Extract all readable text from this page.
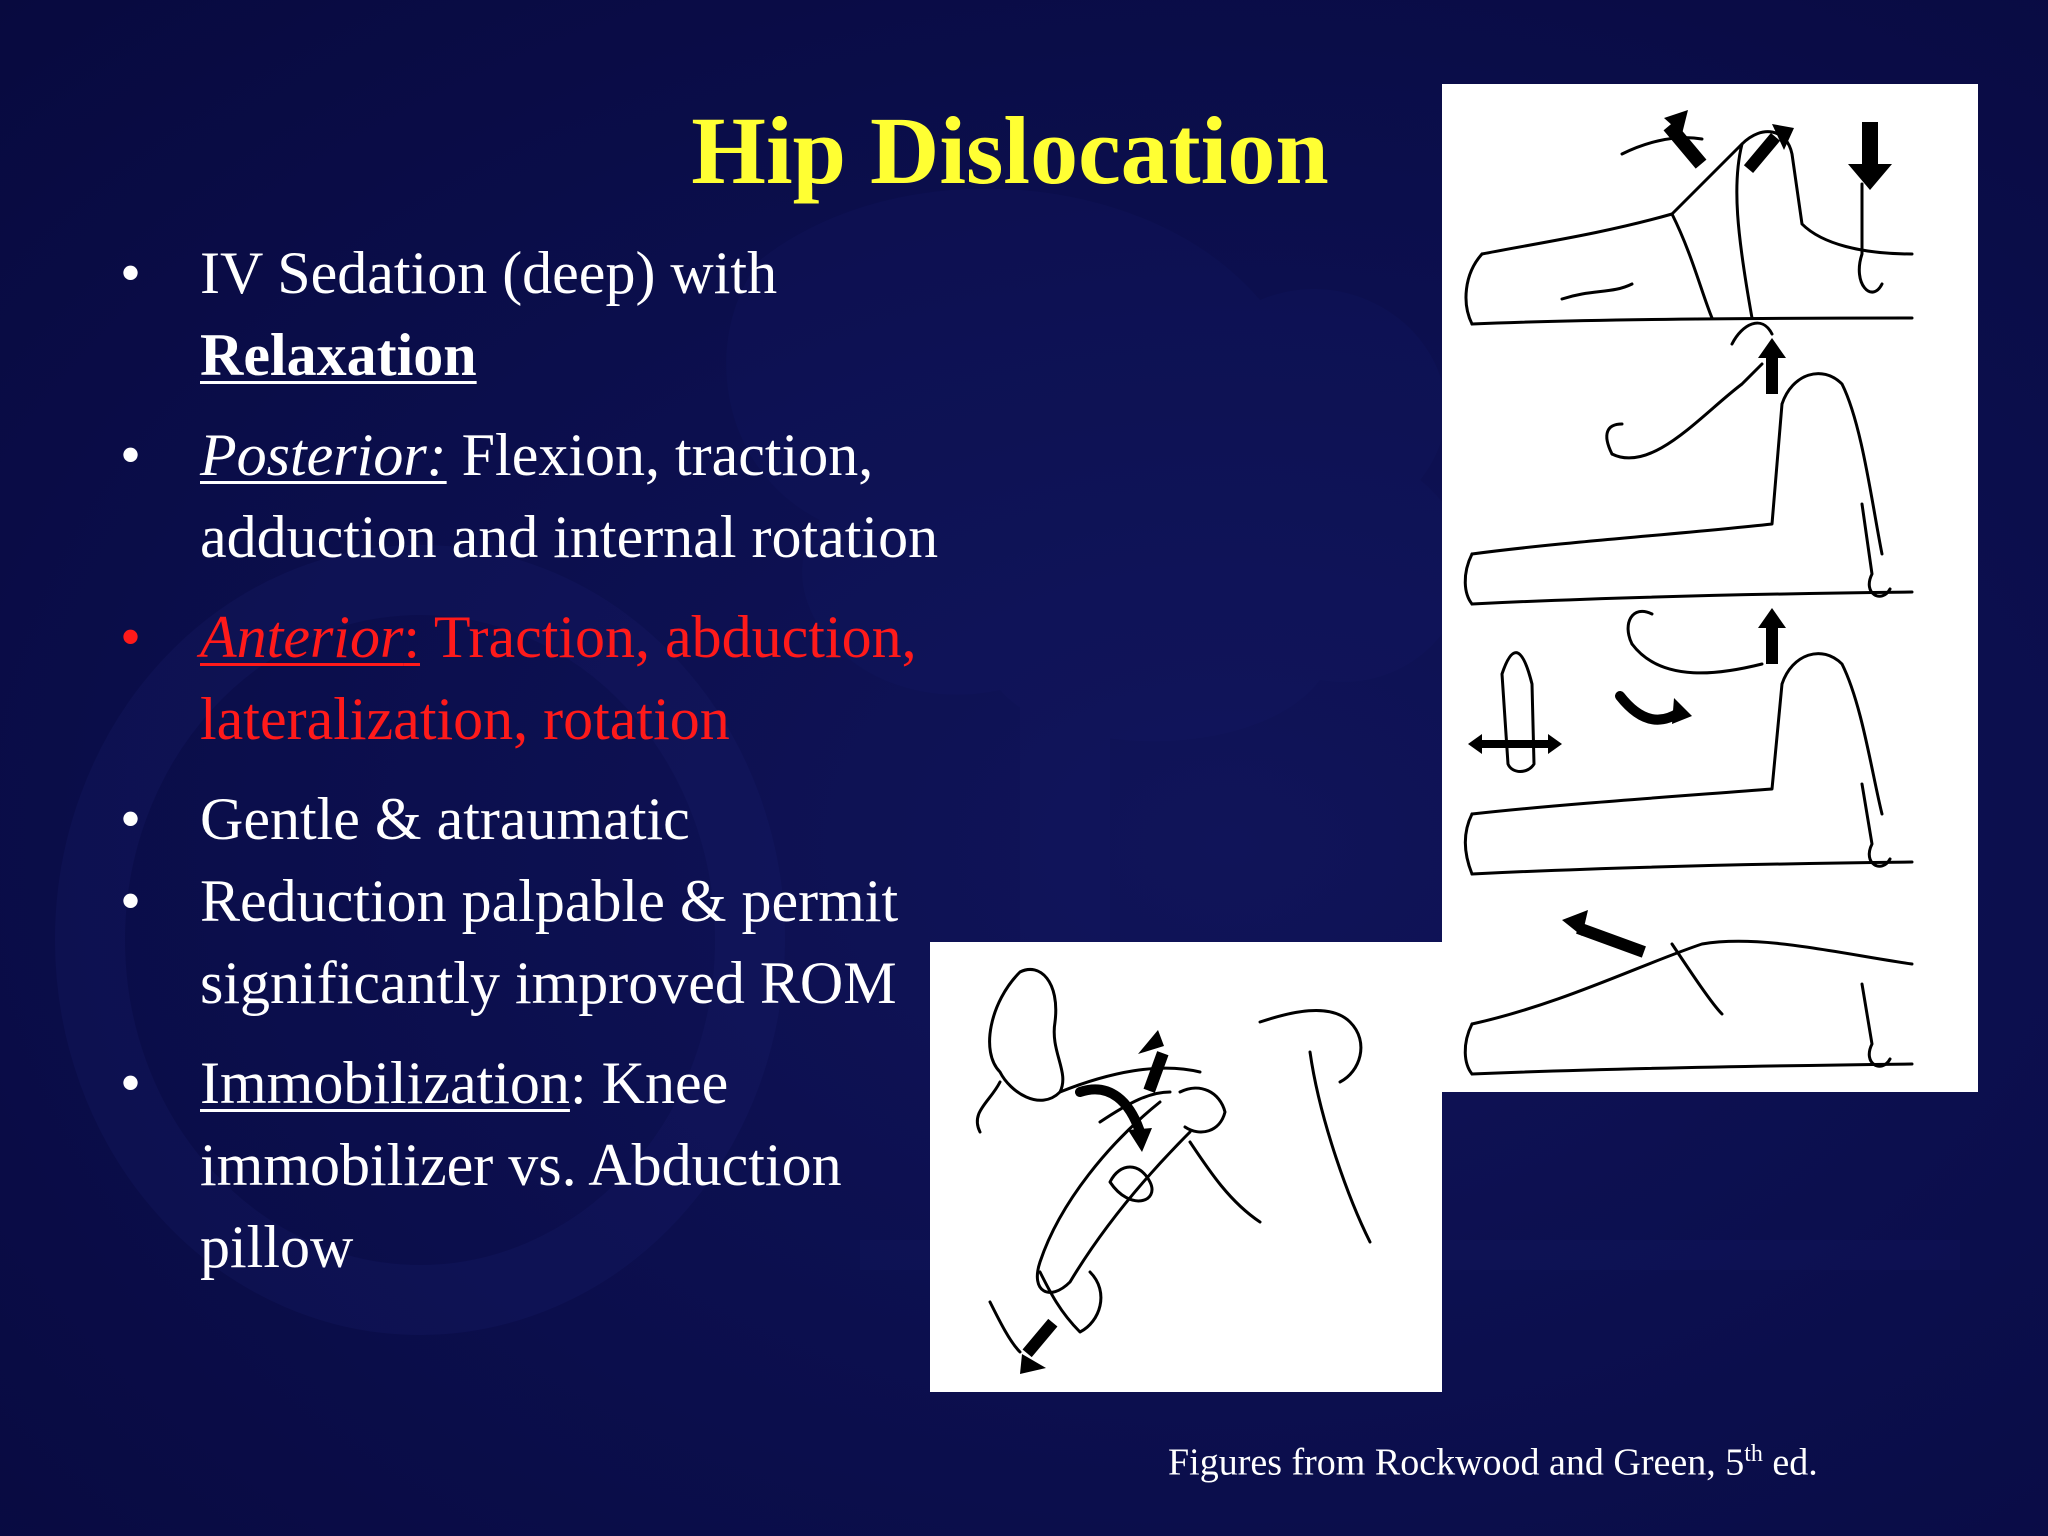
Hip Dislocation
• IV Sedation (deep) with Relaxation
• Posterior: Flexion, traction, adduction and internal rotation
• Anterior: Traction, abduction, lateralization, rotation
• Gentle & atraumatic
• Reduction palpable & permit significantly improved ROM
• Immobilization: Knee immobilizer vs. Abduction pillow
Figures from Rockwood and Green, 5th ed.
